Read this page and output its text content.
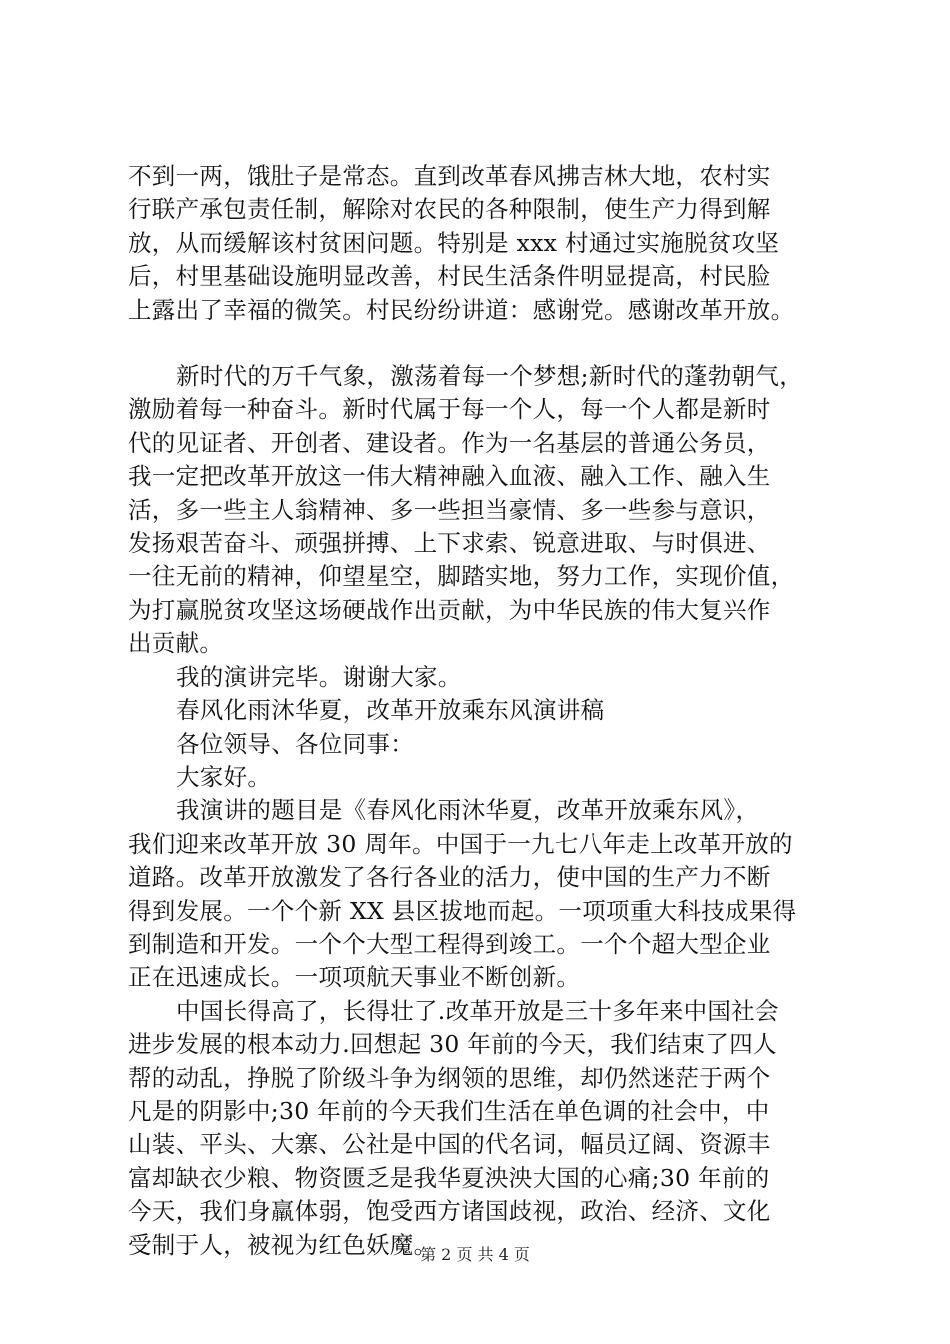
不到一两，饿肚子是常态。直到改革春风拂吉林大地，农村实
行联产承包责任制，解除对农民的各种限制，使生产力得到解
放，从而缓解该村贫困问题。特别是 xxx 村通过实施脱贫攻坚
后，村里基础设施明显改善，村民生活条件明显提高，村民脸
上露出了幸福的微笑。村民纷纷讲道：感谢党。感谢改革开放。

新时代的万千气象，激荡着每一个梦想;新时代的蓬勃朝气，
激励着每一种奋斗。新时代属于每一个人，每一个人都是新时
代的见证者、开创者、建设者。作为一名基层的普通公务员，
我一定把改革开放这一伟大精神融入血液、融入工作、融入生
活，多一些主人翁精神、多一些担当豪情、多一些参与意识，
发扬艰苦奋斗、顽强拼搏、上下求索、锐意进取、与时俱进、
一往无前的精神，仰望星空，脚踏实地，努力工作，实现价值，
为打赢脱贫攻坚这场硬战作出贡献，为中华民族的伟大复兴作
出贡献。

我的演讲完毕。谢谢大家。

春风化雨沐华夏，改革开放乘东风演讲稿

各位领导、各位同事：

大家好。

我演讲的题目是《春风化雨沐华夏，改革开放乘东风》，
我们迎来改革开放 30 周年。中国于一九七八年走上改革开放的
道路。改革开放激发了各行各业的活力，使中国的生产力不断
得到发展。一个个新 XX 县区拔地而起。一项项重大科技成果得
到制造和开发。一个个大型工程得到竣工。一个个超大型企业
正在迅速成长。一项项航天事业不断创新。

中国长得高了，长得壮了.改革开放是三十多年来中国社会
进步发展的根本动力.回想起 30 年前的今天，我们结束了四人
帮的动乱，挣脱了阶级斗争为纲领的思维，却仍然迷茫于两个
凡是的阴影中;30 年前的今天我们生活在单色调的社会中，中
山装、平头、大寨、公社是中国的代名词，幅员辽阔、资源丰
富却缺衣少粮、物资匮乏是我华夏泱泱大国的心痛;30 年前的
今天，我们身羸体弱，饱受西方诸国歧视，政治、经济、文化
受制于人，被视为红色妖魔。

第 2 页 共 4 页
